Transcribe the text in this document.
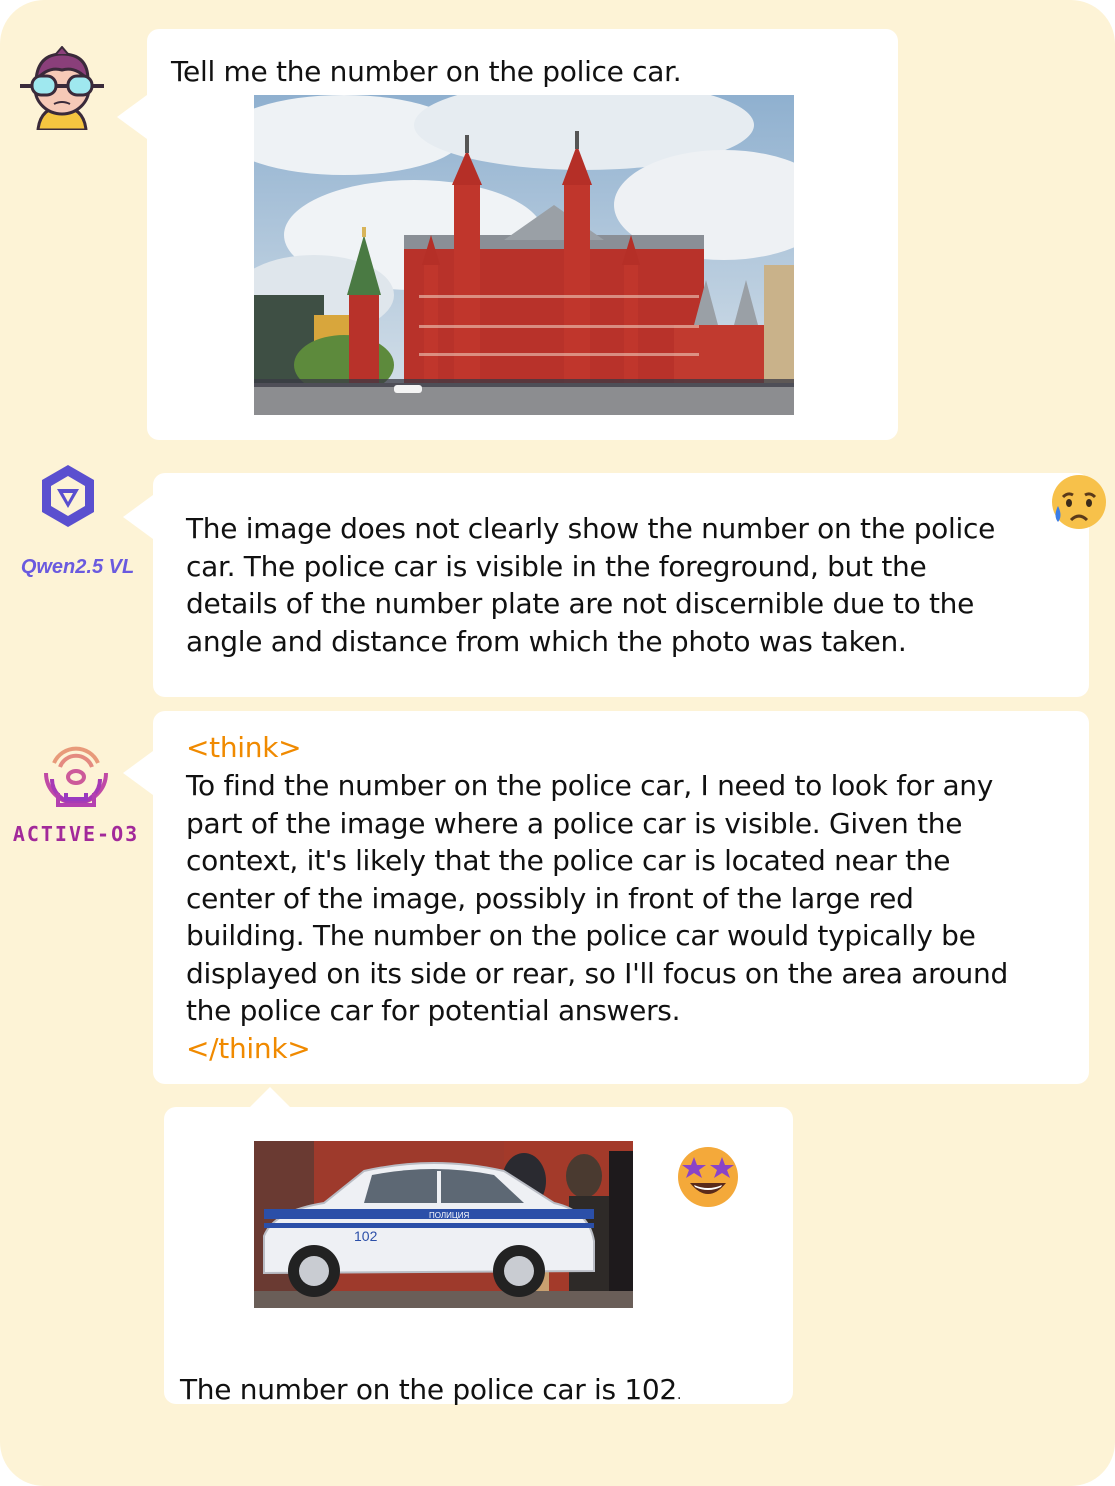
Tell me the number on the police car.
Qwen2.5 VL
The image does not clearly show the number on the police
car. The police car is visible in the foreground, but the
details of the number plate are not discernible due to the
angle and distance from which the photo was taken.
ACTIVE-O3
<think>
To find the number on the police car, I need to look for any
part of the image where a police car is visible. Given the
context, it's likely that the police car is located near the
center of the image, possibly in front of the large red
building. The number on the police car would typically be
displayed on its side or rear, so I'll focus on the area around
the police car for potential answers.
</think>
ПОЛИЦИЯ
102

The number on the police car is 102.
